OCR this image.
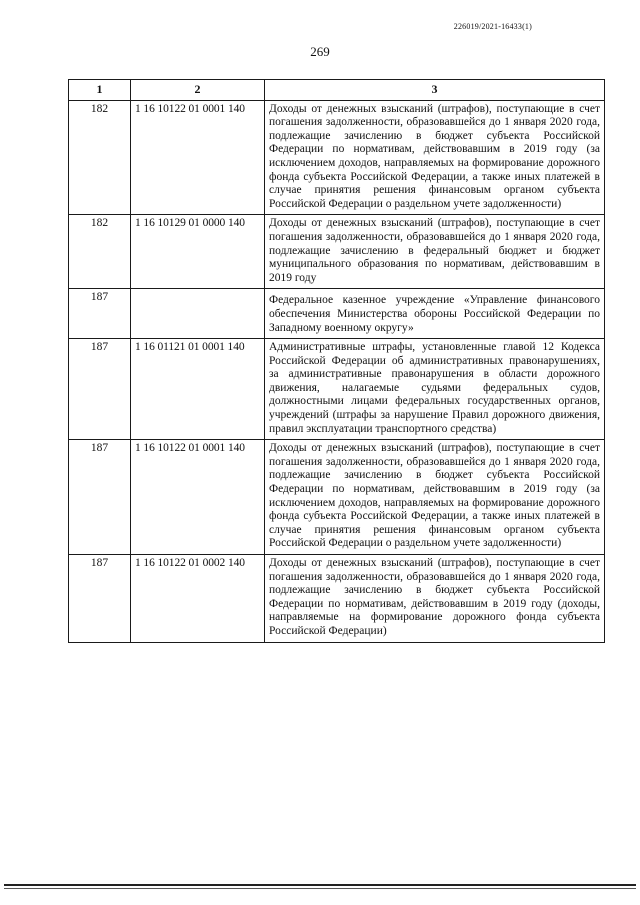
226019/2021-16433(1)
269
1	2	3
182	1 16 10122 01 0001 140	Доходы от денежных взысканий (штрафов), поступающие в счет погашения задолженности, образовавшейся до 1 января 2020 года, подлежащие зачислению в бюджет субъекта Российской Федерации по нормативам, действовавшим в 2019 году (за исключением доходов, направляемых на формирование дорожного фонда субъекта Российской Федерации, а также иных платежей в случае принятия решения финансовым органом субъекта Российской Федерации о раздельном учете задолженности)
182	1 16 10129 01 0000 140	Доходы от денежных взысканий (штрафов), поступающие в счет погашения задолженности, образовавшейся до 1 января 2020 года, подлежащие зачислению в федеральный бюджет и бюджет муниципального образования по нормативам, действовавшим в 2019 году
187		Федеральное казенное учреждение «Управление финансового обеспечения Министерства обороны Российской Федерации по Западному военному округу»
187	1 16 01121 01 0001 140	Административные штрафы, установленные главой 12 Кодекса Российской Федерации об административных правонарушениях, за административные правонарушения в области дорожного движения, налагаемые судьями федеральных судов, должностными лицами федеральных государственных органов, учреждений (штрафы за нарушение Правил дорожного движения, правил эксплуатации транспортного средства)
187	1 16 10122 01 0001 140	Доходы от денежных взысканий (штрафов), поступающие в счет погашения задолженности, образовавшейся до 1 января 2020 года, подлежащие зачислению в бюджет субъекта Российской Федерации по нормативам, действовавшим в 2019 году (за исключением доходов, направляемых на формирование дорожного фонда субъекта Российской Федерации, а также иных платежей в случае принятия решения финансовым органом субъекта Российской Федерации о раздельном учете задолженности)
187	1 16 10122 01 0002 140	Доходы от денежных взысканий (штрафов), поступающие в счет погашения задолженности, образовавшейся до 1 января 2020 года, подлежащие зачислению в бюджет субъекта Российской Федерации по нормативам, действовавшим в 2019 году (доходы, направляемые на формирование дорожного фонда субъекта Российской Федерации)
